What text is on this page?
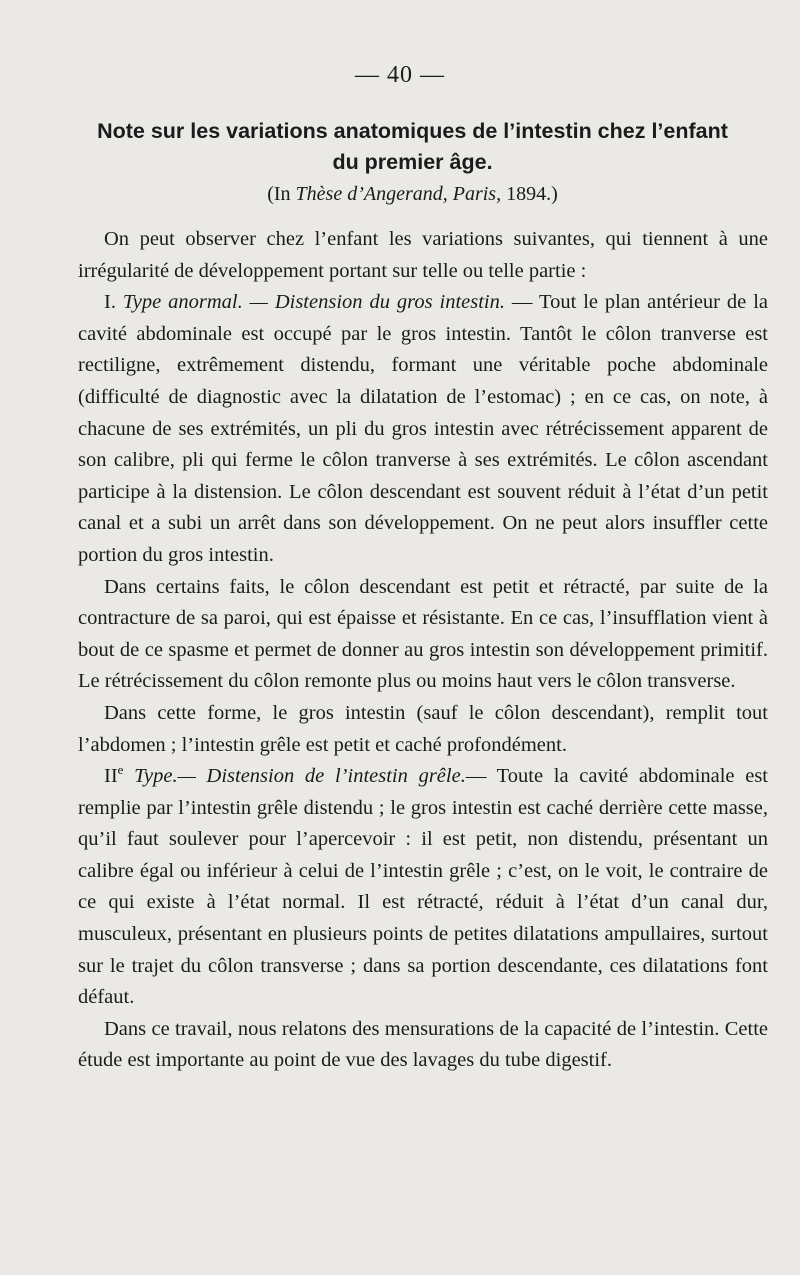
— 40 —
Note sur les variations anatomiques de l’intestin chez l’enfant
du premier âge.
(In Thèse d’Angerand, Paris, 1894.)

On peut observer chez l’enfant les variations suivantes, qui tiennent à une irrégularité de développement portant sur telle ou telle partie :

I. Type anormal. — Distension du gros intestin. — Tout le plan antérieur de la cavité abdominale est occupé par le gros intestin. Tantôt le côlon tranverse est rectiligne, extrêmement distendu, formant une véritable poche abdominale (difficulté de diagnostic avec la dilatation de l’estomac) ; en ce cas, on note, à chacune de ses extrémités, un pli du gros intestin avec rétrécissement apparent de son calibre, pli qui ferme le côlon tranverse à ses extrémités. Le côlon ascendant participe à la distension. Le côlon descendant est souvent réduit à l’état d’un petit canal et a subi un arrêt dans son développement. On ne peut alors insuffler cette portion du gros intestin.

Dans certains faits, le côlon descendant est petit et rétracté, par suite de la contracture de sa paroi, qui est épaisse et résistante. En ce cas, l’insufflation vient à bout de ce spasme et permet de donner au gros intestin son développement primitif. Le rétrécissement du côlon remonte plus ou moins haut vers le côlon transverse.

Dans cette forme, le gros intestin (sauf le côlon descendant), remplit tout l’abdomen ; l’intestin grêle est petit et caché profondément.

IIe Type.— Distension de l’intestin grêle.— Toute la cavité abdominale est remplie par l’intestin grêle distendu ; le gros intestin est caché derrière cette masse, qu’il faut soulever pour l’apercevoir : il est petit, non distendu, présentant un calibre égal ou inférieur à celui de l’intestin grêle ; c’est, on le voit, le contraire de ce qui existe à l’état normal. Il est rétracté, réduit à l’état d’un canal dur, musculeux, présentant en plusieurs points de petites dilatations ampullaires, surtout sur le trajet du côlon transverse ; dans sa portion descendante, ces dilatations font défaut.

Dans ce travail, nous relatons des mensurations de la capacité de l’intestin. Cette étude est importante au point de vue des lavages du tube digestif.
